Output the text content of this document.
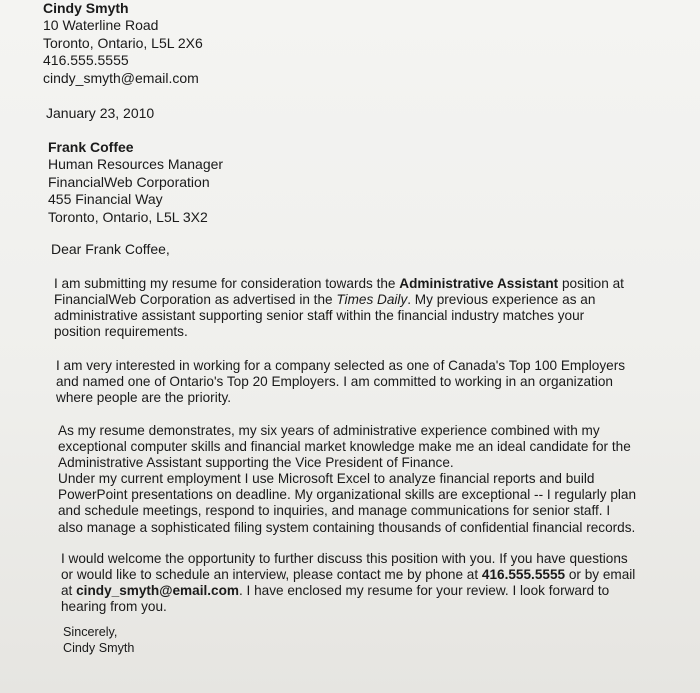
Cindy Smyth
10 Waterline Road
Toronto, Ontario, L5L 2X6
416.555.5555
cindy_smyth@email.com
January 23, 2010
Frank Coffee
Human Resources Manager
FinancialWeb Corporation
455 Financial Way
Toronto, Ontario, L5L 3X2
Dear Frank Coffee,
I am submitting my resume for consideration towards the Administrative Assistant position at
FinancialWeb Corporation as advertised in the Times Daily. My previous experience as an
administrative assistant supporting senior staff within the financial industry matches your
position requirements.
I am very interested in working for a company selected as one of Canada's Top 100 Employers
and named one of Ontario's Top 20 Employers. I am committed to working in an organization
where people are the priority.
As my resume demonstrates, my six years of administrative experience combined with my
exceptional computer skills and financial market knowledge make me an ideal candidate for the
Administrative Assistant supporting the Vice President of Finance.
Under my current employment I use Microsoft Excel to analyze financial reports and build
PowerPoint presentations on deadline. My organizational skills are exceptional -- I regularly plan
and schedule meetings, respond to inquiries, and manage communications for senior staff. I
also manage a sophisticated filing system containing thousands of confidential financial records.
I would welcome the opportunity to further discuss this position with you. If you have questions
or would like to schedule an interview, please contact me by phone at 416.555.5555 or by email
at cindy_smyth@email.com. I have enclosed my resume for your review. I look forward to
hearing from you.
Sincerely,
Cindy Smyth
